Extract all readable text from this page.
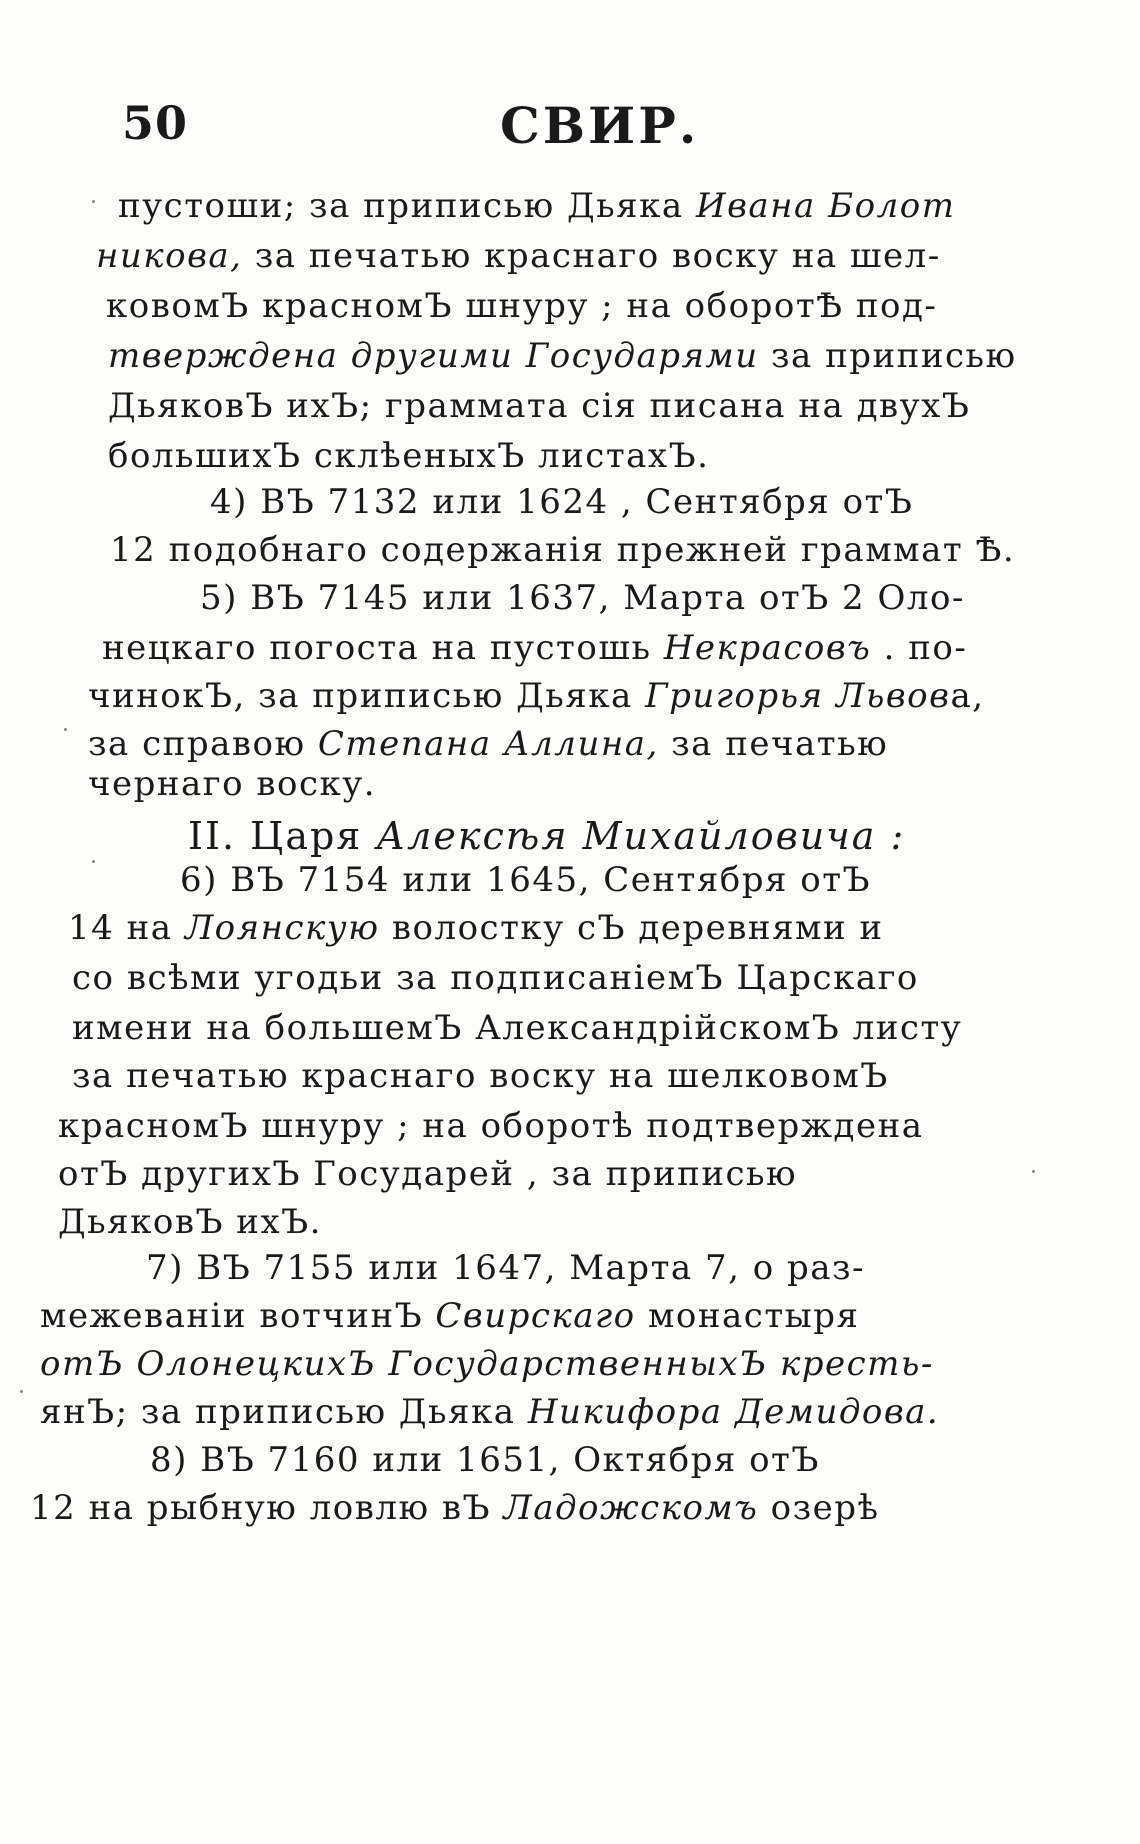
50	СВИР.
пустоши; за приписью Дьяка Ивана Болот
никова, за печатью краснаго воску на шел-
ковомЪ красномЪ шнуру ; на оборотѢ под-
тверждена другими Государями за приписью
ДьяковЪ ихЪ; граммата сія писана на двухЪ
большихЪ склѣеныхЪ листахЪ.
4) ВЪ 7132 или 1624 , Сентября отЪ
12 подобнаго содержанія прежней граммат Ѣ.
5) ВЪ 7145 или 1637, Марта отЪ 2 Оло-
нецкаго погоста на пустошь Некрасовъ . по-
чинокЪ, за приписью Дьяка Григорья Львова,
за справою Степана Аллина, за печатью
чернаго воску.
II. Царя Алексѣя Михайловича :
6) ВЪ 7154 или 1645, Сентября отЪ
14 на Лоянскую волостку сЪ деревнями и
со всѣми угодьи за подписаніемЪ Царскаго
имени на большемЪ АлександрійскомЪ листу
за печатью краснаго воску на шелковомЪ
красномЪ шнуру ; на оборотѣ подтверждена
отЪ другихЪ Государей , за приписью
ДьяковЪ ихЪ.
7) ВЪ 7155 или 1647, Марта 7, о раз-
межеваніи вотчинЪ Свирскаго монастыря
отЪ ОлонецкихЪ ГосударственныхЪ кресть-
янЪ; за приписью Дьяка Никифора Демидова.
8) ВЪ 7160 или 1651, Октября отЪ
12 на рыбную ловлю вЪ Ладожскомъ озерѣ
